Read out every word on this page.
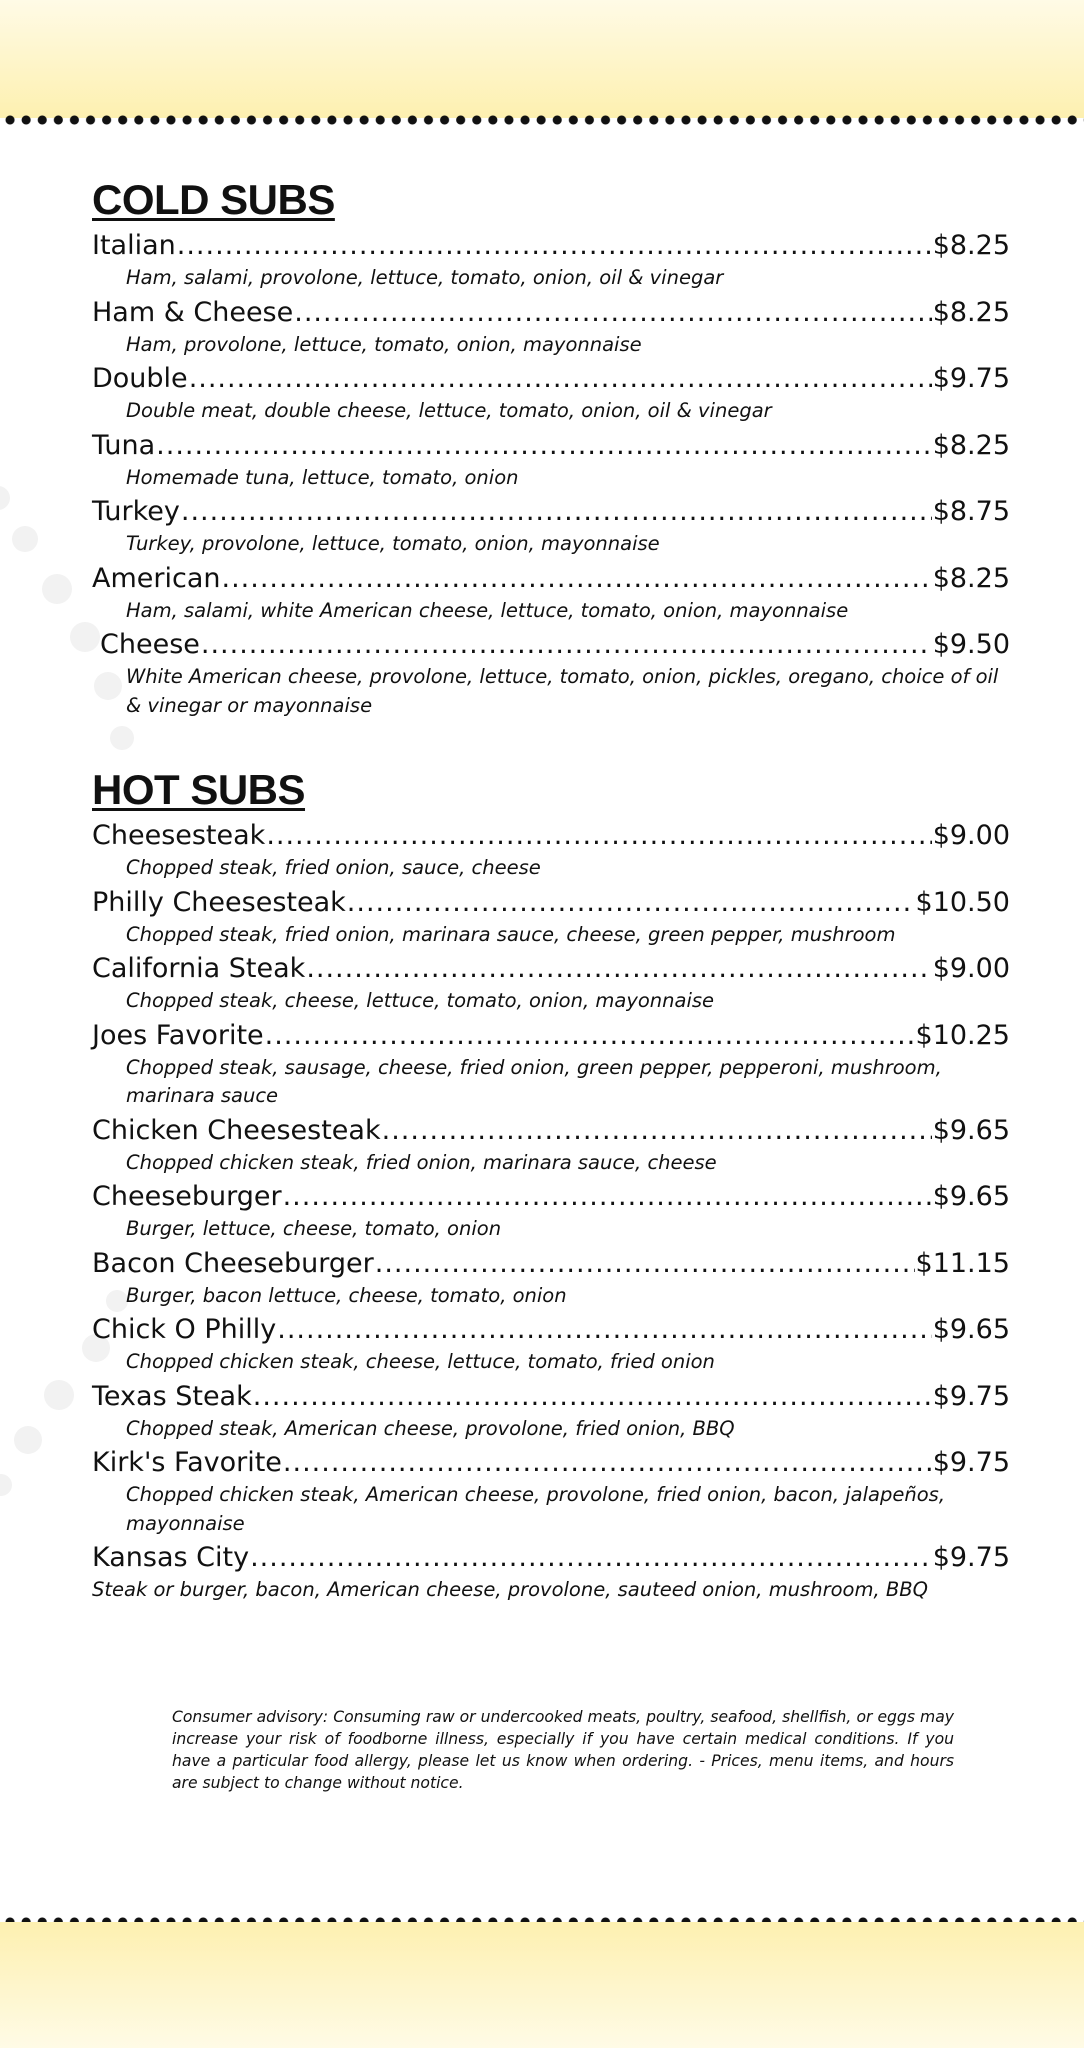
COLD SUBS
Italian .....	$8.25
Ham, salami, provolone, lettuce, tomato, onion, oil & vinegar
Ham & Cheese .....	$8.25
Ham, provolone, lettuce, tomato, onion, mayonnaise
Double .....	$9.75
Double meat, double cheese, lettuce, tomato, onion, oil & vinegar
Tuna .....	$8.25
Homemade tuna, lettuce, tomato, onion
Turkey .....	$8.75
Turkey, provolone, lettuce, tomato, onion, mayonnaise
American .....	$8.25
Ham, salami, white American cheese, lettuce, tomato, onion, mayonnaise
Cheese .....	$9.50
White American cheese, provolone, lettuce, tomato, onion, pickles, oregano, choice of oil & vinegar or mayonnaise
HOT SUBS
Cheesesteak .....	$9.00
Chopped steak, fried onion, sauce, cheese
Philly Cheesesteak .....	$10.50
Chopped steak, fried onion, marinara sauce, cheese, green pepper, mushroom
California Steak .....	$9.00
Chopped steak, cheese, lettuce, tomato, onion, mayonnaise
Joes Favorite .....	$10.25
Chopped steak, sausage, cheese, fried onion, green pepper, pepperoni, mushroom, marinara sauce
Chicken Cheesesteak .....	$9.65
Chopped chicken steak, fried onion, marinara sauce, cheese
Cheeseburger .....	$9.65
Burger, lettuce, cheese, tomato, onion
Bacon Cheeseburger .....	$11.15
Burger, bacon lettuce, cheese, tomato, onion
Chick O Philly .....	$9.65
Chopped chicken steak, cheese, lettuce, tomato, fried onion
Texas Steak .....	$9.75
Chopped steak, American cheese, provolone, fried onion, BBQ
Kirk's Favorite .....	$9.75
Chopped chicken steak, American cheese, provolone, fried onion, bacon, jalapeños, mayonnaise
Kansas City .....	$9.75
Steak or burger, bacon, American cheese, provolone, sauteed onion, mushroom, BBQ
Consumer advisory: Consuming raw or undercooked meats, poultry, seafood, shellfish, or eggs may increase your risk of foodborne illness, especially if you have certain medical conditions. If you have a particular food allergy, please let us know when ordering. - Prices, menu items, and hours are subject to change without notice.
